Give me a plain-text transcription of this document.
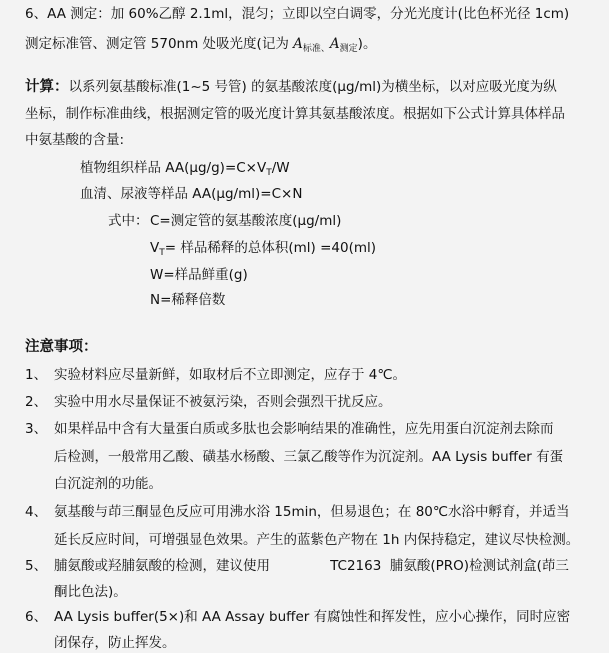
6、AA 测定：加 60%乙醇 2.1ml，混匀；立即以空白调零，分光光度计(比色杯光径 1cm)
测定标准管、测定管 570nm 处吸光度(记为 $A_{标准、}A_{测定}$)。
计算：以系列氨基酸标准(1~5 号管) 的氨基酸浓度(μg/ml)为横坐标，以对应吸光度为纵
坐标，制作标准曲线，根据测定管的吸光度计算其氨基酸浓度。根据如下公式计算具体样品
中氨基酸的含量:
植物组织样品 $AA(\mu g/g)=C\times V_T/W$
血清、尿液等样品 AA(μg/ml)=C×N
式中： C=测定管的氨基酸浓度(μg/ml)
$V_T=$ 样品稀释的总体积(ml) =40(ml)
W=样品鲜重(g)
N=稀释倍数
注意事项：
1、 实验材料应尽量新鲜，如取材后不立即测定，应存于 4℃。
2、 实验中用水尽量保证不被氨污染，否则会强烈干扰反应。
3、 如果样品中含有大量蛋白质或多肽也会影响结果的准确性，应先用蛋白沉淀剂去除而
后检测，一般常用乙酸、磺基水杨酸、三氯乙酸等作为沉淀剂。AA Lysis buffer 有蛋
白沉淀剂的功能。
4、 氨基酸与茚三酮显色反应可用沸水浴 15min，但易退色；在 80℃水浴中孵育，并适当
延长反应时间，可增强显色效果。产生的蓝紫色产物在 1h 内保持稳定，建议尽快检测。
5、 脯氨酸或羟脯氨酸的检测，建议使用              TC2163  脯氨酸(PRO)检测试剂盒(茚三
酮比色法)。
6、 AA Lysis buffer(5×)和 AA Assay buffer 有腐蚀性和挥发性，应小心操作，同时应密
闭保存，防止挥发。
